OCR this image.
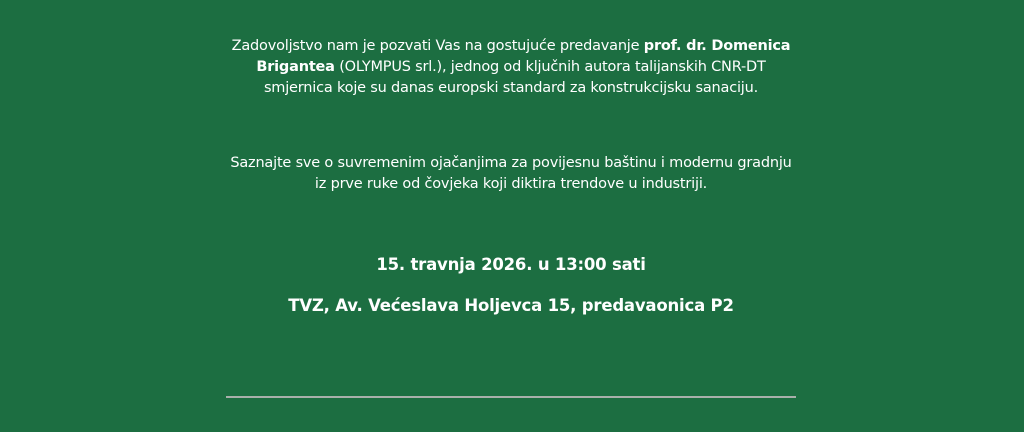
Zadovoljstvo nam je pozvati Vas na gostujuće predavanje prof. dr. Domenica Brigantea (OLYMPUS srl.), jednog od ključnih autora talijanskih CNR-DT smjernica koje su danas europski standard za konstrukcijsku sanaciju.

Saznajte sve o suvremenim ojačanjima za povijesnu baštinu i modernu gradnju iz prve ruke od čovjeka koji diktira trendove u industriji.

15. travnja 2026. u 13:00 sati
TVZ, Av. Većeslava Holjevca 15, predavaonica P2
